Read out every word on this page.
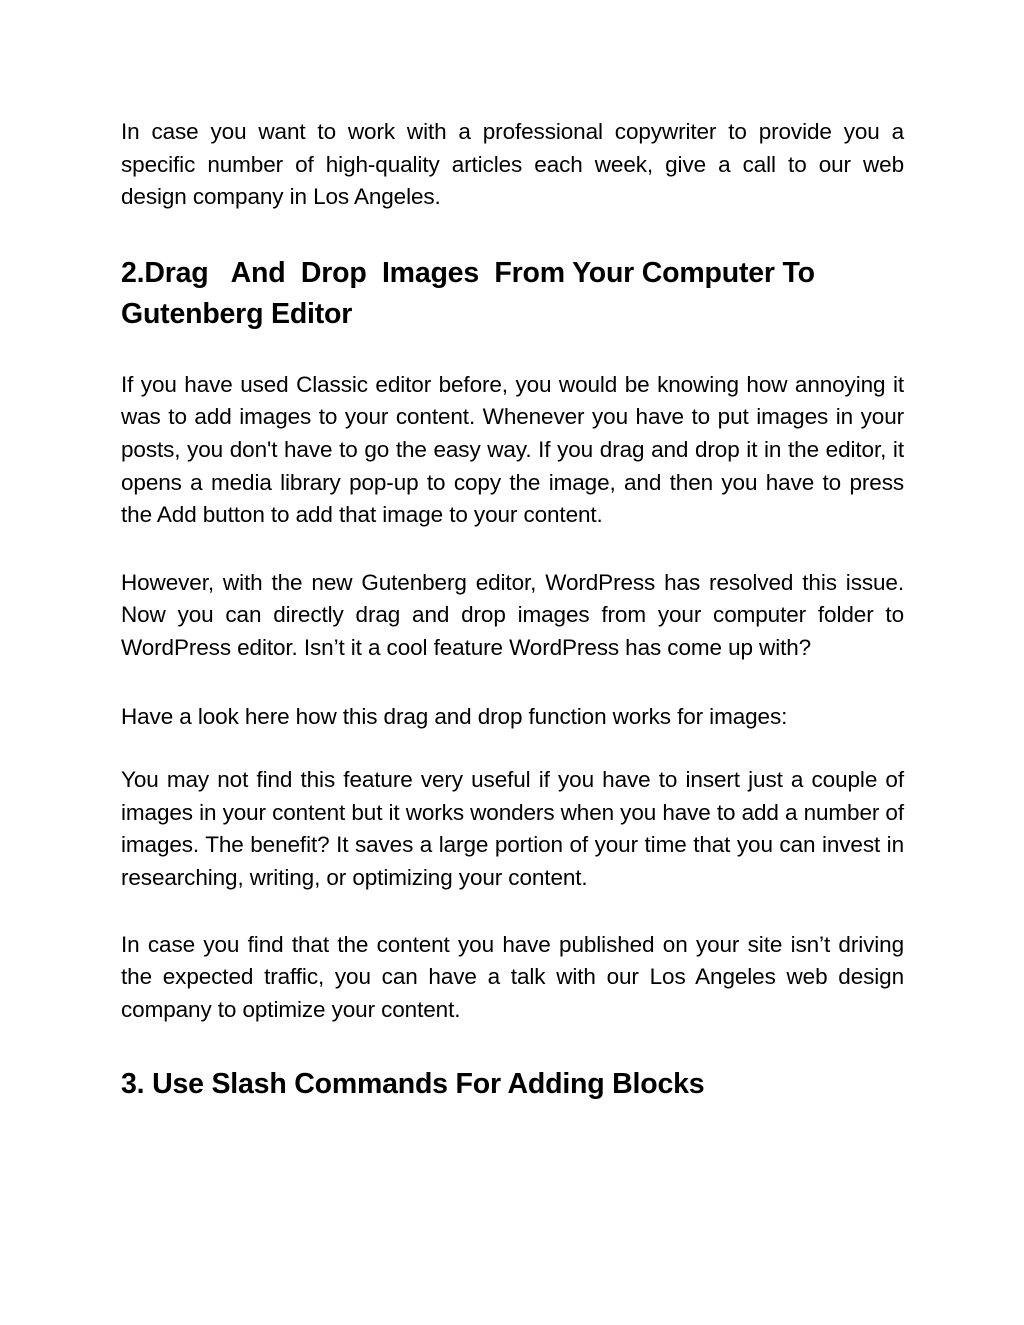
In case you want to work with a professional copywriter to provide you a specific number of high-quality articles each week, give a call to our web design company in Los Angeles.

2.Drag   And  Drop  Images  From Your Computer To
Gutenberg Editor

If you have used Classic editor before, you would be knowing how annoying it was to add images to your content. Whenever you have to put images in your posts, you don't have to go the easy way. If you drag and drop it in the editor, it opens a media library pop-up to copy the image, and then you have to press the Add button to add that image to your content.

However, with the new Gutenberg editor, WordPress has resolved this issue. Now you can directly drag and drop images from your computer folder to WordPress editor. Isn’t it a cool feature WordPress has come up with?

Have a look here how this drag and drop function works for images:

You may not find this feature very useful if you have to insert just a couple of images in your content but it works wonders when you have to add a number of images. The benefit? It saves a large portion of your time that you can invest in researching, writing, or optimizing your content.

In case you find that the content you have published on your site isn’t driving the expected traffic, you can have a talk with our Los Angeles web design company to optimize your content.

3. Use Slash Commands For Adding Blocks
